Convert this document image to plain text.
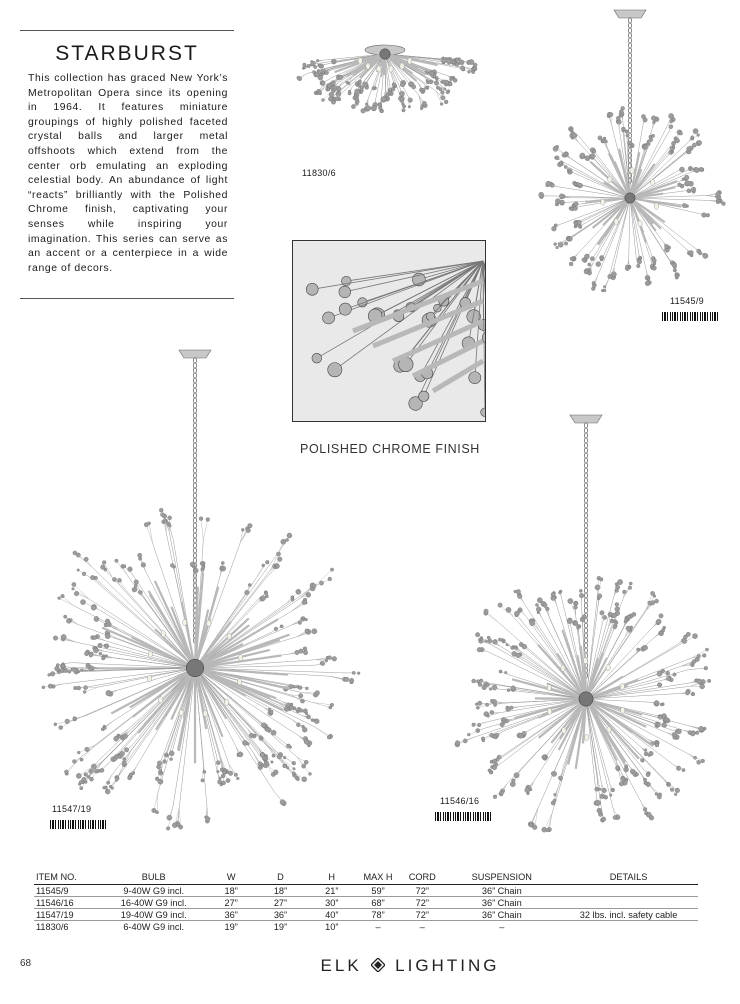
STARBURST

This collection has graced New York’s Metropolitan Opera since its opening in 1964. It features miniature groupings of highly polished faceted crystal balls and larger metal offshoots which extend from the center orb emulating an exploding celestial body. An abundance of light “reacts” brilliantly with the Polished Chrome finish, captivating your senses while inspiring your imagination. This series can serve as an accent or a centerpiece in a wide range of decors.

11830/6
11545/9
POLISHED CHROME FINISH
11547/19
11546/16
ITEM NO.	BULB	W	D	H	MAX H	CORD	SUSPENSION	DETAILS
11545/9	9-40W G9 incl.	18”	18”	21”	59”	72”	36” Chain	
11546/16	16-40W G9 incl.	27”	27”	30”	68”	72”	36” Chain	
11547/19	19-40W G9 incl.	36”	36”	40”	78”	72”	36” Chain	32 lbs. incl. safety cable
11830/6	6-40W G9 incl.	19”	19”	10”	–	–	–	
68	ELK LIGHTING
